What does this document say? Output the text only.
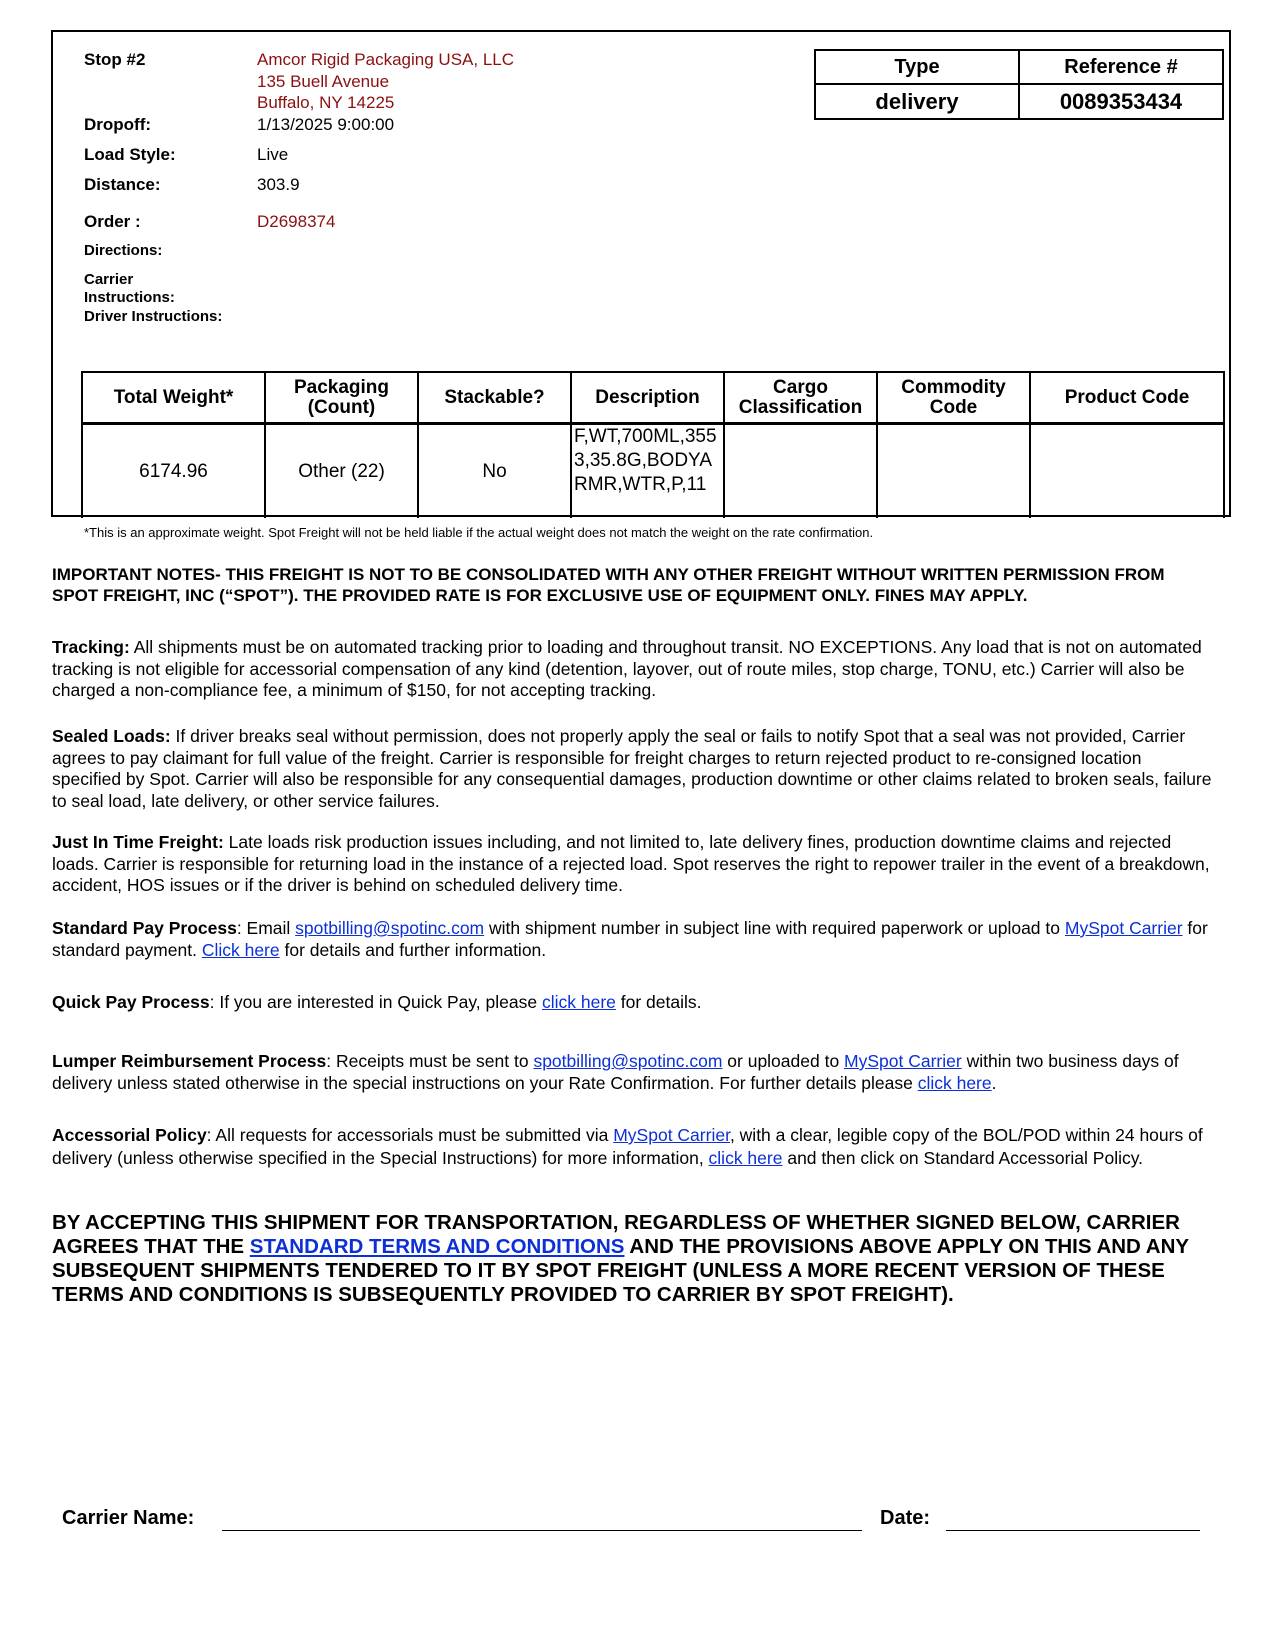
Stop #2	Amcor Rigid Packaging USA, LLC
135 Buell Avenue
Buffalo, NY 14225
Dropoff:	1/13/2025 9:00:00
Load Style:	Live
Distance:	303.9
Order :	D2698374
Directions:
Carrier
Instructions:
Driver Instructions:
Type	Reference #
delivery	0089353434
Total Weight*	Packaging (Count)	Stackable?	Description	Cargo Classification	Commodity Code	Product Code
6174.96	Other (22)	No	F,WT,700ML,3553,35.8G,BODYARMR,WTR,P,11			
*This is an approximate weight. Spot Freight will not be held liable if the actual weight does not match the weight on the rate confirmation.
IMPORTANT NOTES- THIS FREIGHT IS NOT TO BE CONSOLIDATED WITH ANY OTHER FREIGHT WITHOUT WRITTEN PERMISSION FROM SPOT FREIGHT, INC (“SPOT”). THE PROVIDED RATE IS FOR EXCLUSIVE USE OF EQUIPMENT ONLY. FINES MAY APPLY.
Tracking: All shipments must be on automated tracking prior to loading and throughout transit. NO EXCEPTIONS. Any load that is not on automated tracking is not eligible for accessorial compensation of any kind (detention, layover, out of route miles, stop charge, TONU, etc.) Carrier will also be charged a non-compliance fee, a minimum of $150, for not accepting tracking.
Sealed Loads: If driver breaks seal without permission, does not properly apply the seal or fails to notify Spot that a seal was not provided, Carrier agrees to pay claimant for full value of the freight. Carrier is responsible for freight charges to return rejected product to re-consigned location specified by Spot. Carrier will also be responsible for any consequential damages, production downtime or other claims related to broken seals, failure to seal load, late delivery, or other service failures.
Just In Time Freight: Late loads risk production issues including, and not limited to, late delivery fines, production downtime claims and rejected loads. Carrier is responsible for returning load in the instance of a rejected load. Spot reserves the right to repower trailer in the event of a breakdown, accident, HOS issues or if the driver is behind on scheduled delivery time.
Standard Pay Process: Email spotbilling@spotinc.com with shipment number in subject line with required paperwork or upload to MySpot Carrier for standard payment. Click here for details and further information.
Quick Pay Process: If you are interested in Quick Pay, please click here for details.
Lumper Reimbursement Process: Receipts must be sent to spotbilling@spotinc.com or uploaded to MySpot Carrier within two business days of delivery unless stated otherwise in the special instructions on your Rate Confirmation. For further details please click here.
Accessorial Policy: All requests for accessorials must be submitted via MySpot Carrier, with a clear, legible copy of the BOL/POD within 24 hours of delivery (unless otherwise specified in the Special Instructions) for more information, click here and then click on Standard Accessorial Policy.
BY ACCEPTING THIS SHIPMENT FOR TRANSPORTATION, REGARDLESS OF WHETHER SIGNED BELOW, CARRIER AGREES THAT THE STANDARD TERMS AND CONDITIONS AND THE PROVISIONS ABOVE APPLY ON THIS AND ANY SUBSEQUENT SHIPMENTS TENDERED TO IT BY SPOT FREIGHT (UNLESS A MORE RECENT VERSION OF THESE TERMS AND CONDITIONS IS SUBSEQUENTLY PROVIDED TO CARRIER BY SPOT FREIGHT).
Carrier Name:	Date:
